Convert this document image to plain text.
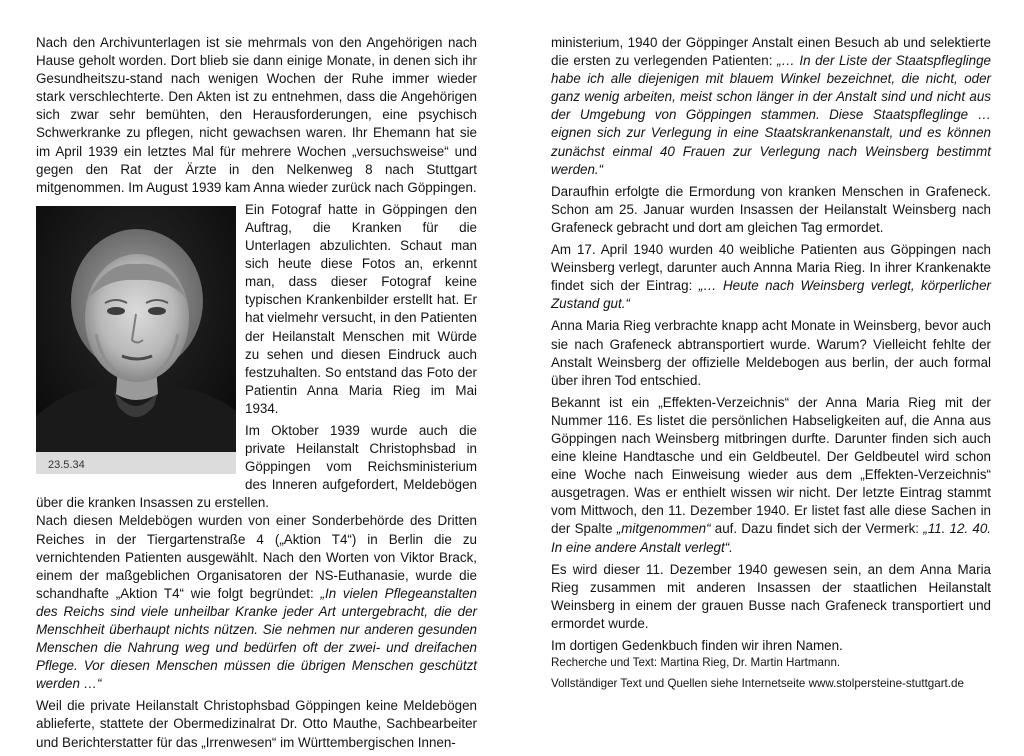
Nach den Archivunterlagen ist sie mehrmals von den Angehörigen nach Hause geholt worden. Dort blieb sie dann einige Monate, in denen sich ihr Gesundheitszu-stand nach wenigen Wochen der Ruhe immer wieder stark verschlechterte. Den Akten ist zu entnehmen, dass die Angehörigen sich zwar sehr bemühten, den Herausforderungen, eine psychisch Schwerkranke zu pflegen, nicht gewachsen waren. Ihr Ehemann hat sie im April 1939 ein letztes Mal für mehrere Wochen „versuchsweise“ und gegen den Rat der Ärzte in den Nelkenweg 8 nach Stuttgart mitgenommen. Im August 1939 kam Anna wieder zurück nach Göppingen.

23.5.34

Ein Fotograf hatte in Göppingen den Auftrag, die Kranken für die Unterlagen abzulichten. Schaut man sich heute diese Fotos an, erkennt man, dass dieser Fotograf keine typischen Krankenbilder erstellt hat. Er hat vielmehr versucht, in den Patienten der Heilanstalt Menschen mit Würde zu sehen und diesen Eindruck auch festzuhalten. So entstand das Foto der Patientin Anna Maria Rieg im Mai 1934.

Im Oktober 1939 wurde auch die private Heilanstalt Christophsbad in Göppingen vom Reichsministerium des Inneren aufgefordert, Meldebögen über die kranken Insassen zu erstellen.

Nach diesen Meldebögen wurden von einer Sonderbehörde des Dritten Reiches in der Tiergartenstraße 4 („Aktion T4“) in Berlin die zu vernichtenden Patienten ausgewählt. Nach den Worten von Viktor Brack, einem der maßgeblichen Organisatoren der NS-Euthanasie, wurde die schandhafte „Aktion T4“ wie folgt begründet: „In vielen Pflegeanstalten des Reichs sind viele unheilbar Kranke jeder Art untergebracht, die der Menschheit überhaupt nichts nützen. Sie nehmen nur anderen gesunden Menschen die Nahrung weg und bedürfen oft der zwei- und dreifachen Pflege. Vor diesen Menschen müssen die übrigen Menschen geschützt werden …“

Weil die private Heilanstalt Christophsbad Göppingen keine Meldebögen ablieferte, stattete der Obermedizinalrat Dr. Otto Mauthe, Sachbearbeiter und Berichterstatter für das „Irrenwesen“ im Württembergischen Innen-

ministerium, 1940 der Göppinger Anstalt einen Besuch ab und selektierte die ersten zu verlegenden Patienten: „… In der Liste der Staatspfleglinge habe ich alle diejenigen mit blauem Winkel bezeichnet, die nicht, oder ganz wenig arbeiten, meist schon länger in der Anstalt sind und nicht aus der Umgebung von Göppingen stammen. Diese Staatspfleglinge … eignen sich zur Verlegung in eine Staatskrankenanstalt, und es können zunächst einmal 40 Frauen zur Verlegung nach Weinsberg bestimmt werden.“

Daraufhin erfolgte die Ermordung von kranken Menschen in Grafeneck. Schon am 25. Januar wurden Insassen der Heilanstalt Weinsberg nach Grafeneck gebracht und dort am gleichen Tag ermordet.

Am 17. April 1940 wurden 40 weibliche Patienten aus Göppingen nach Weinsberg verlegt, darunter auch Annna Maria Rieg. In ihrer Krankenakte findet sich der Eintrag: „… Heute nach Weinsberg verlegt, körperlicher Zustand gut.“

Anna Maria Rieg verbrachte knapp acht Monate in Weinsberg, bevor auch sie nach Grafeneck abtransportiert wurde. Warum? Vielleicht fehlte der Anstalt Weinsberg der offizielle Meldebogen aus berlin, der auch formal über ihren Tod entschied.

Bekannt ist ein „Effekten-Verzeichnis“ der Anna Maria Rieg mit der Nummer 116. Es listet die persönlichen Habseligkeiten auf, die Anna aus Göppingen nach Weinsberg mitbringen durfte. Darunter finden sich auch eine kleine Handtasche und ein Geldbeutel. Der Geldbeutel wird schon eine Woche nach Einweisung wieder aus dem „Effekten-Verzeichnis“ ausgetragen. Was er enthielt wissen wir nicht. Der letzte Eintrag stammt vom Mittwoch, den 11. Dezember 1940. Er listet fast alle diese Sachen in der Spalte „mitgenommen“ auf. Dazu findet sich der Vermerk: „11. 12. 40. In eine andere Anstalt verlegt“.

Es wird dieser 11. Dezember 1940 gewesen sein, an dem Anna Maria Rieg zusammen mit anderen Insassen der staatlichen Heilanstalt Weinsberg in einem der grauen Busse nach Grafeneck transportiert und ermordet wurde.

Im dortigen Gedenkbuch finden wir ihren Namen.

Recherche und Text: Martina Rieg, Dr. Martin Hartmann.
Vollständiger Text und Quellen siehe Internetseite www.stolpersteine-stuttgart.de
